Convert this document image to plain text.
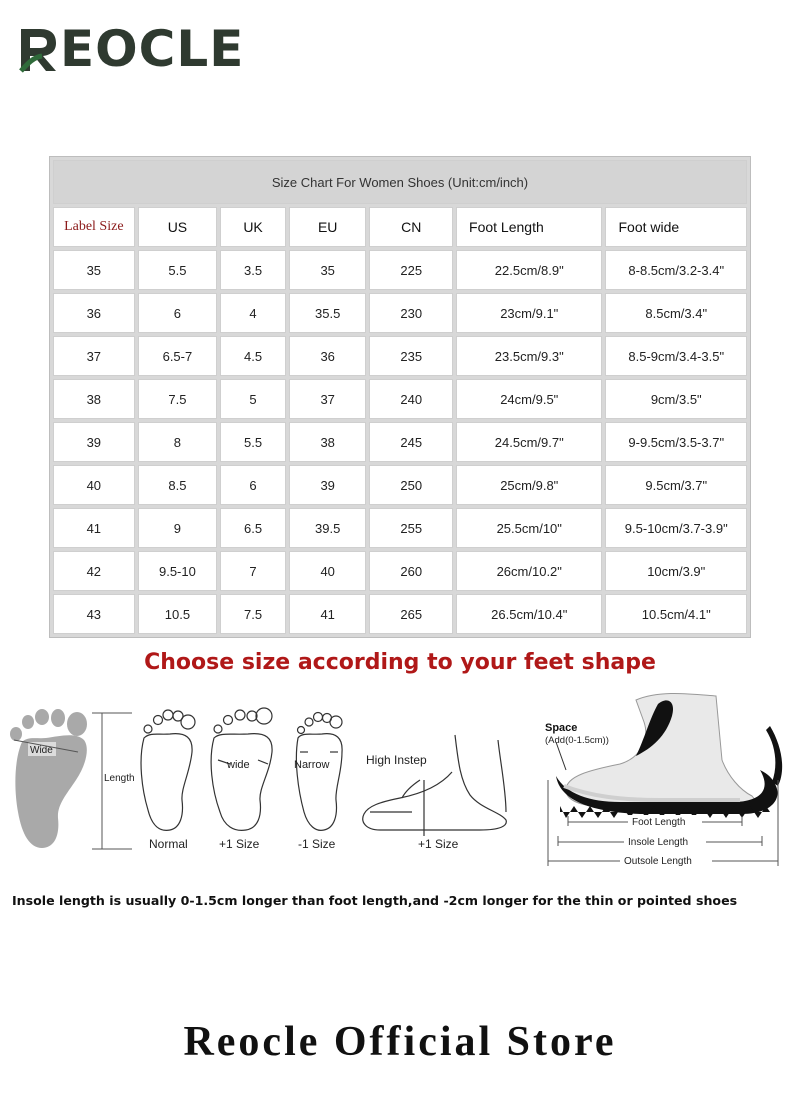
EOCLE
Size Chart For Women Shoes (Unit:cm/inch)						
Label Size	US	UK	EU	CN	Foot Length	Foot wide
35	5.5	3.5	35	225	22.5cm/8.9"	8-8.5cm/3.2-3.4"
36	6	4	35.5	230	23cm/9.1"	8.5cm/3.4"
37	6.5-7	4.5	36	235	23.5cm/9.3"	8.5-9cm/3.4-3.5"
38	7.5	5	37	240	24cm/9.5"	9cm/3.5"
39	8	5.5	38	245	24.5cm/9.7"	9-9.5cm/3.5-3.7"
40	8.5	6	39	250	25cm/9.8"	9.5cm/3.7"
41	9	6.5	39.5	255	25.5cm/10"	9.5-10cm/3.7-3.9"
42	9.5-10	7	40	260	26cm/10.2"	10cm/3.9"
43	10.5	7.5	41	265	26.5cm/10.4"	10.5cm/4.1"
Choose size according to your feet shape
Wide
Length
Normal
wide
+1 Size
Narrow
-1 Size
High Instep
+1 Size
Space
(Add(0-1.5cm))
Foot Length
Insole Length
Outsole Length
Insole length is usually 0-1.5cm longer than foot length,and -2cm longer for the thin or pointed shoes
Reocle Official Store
